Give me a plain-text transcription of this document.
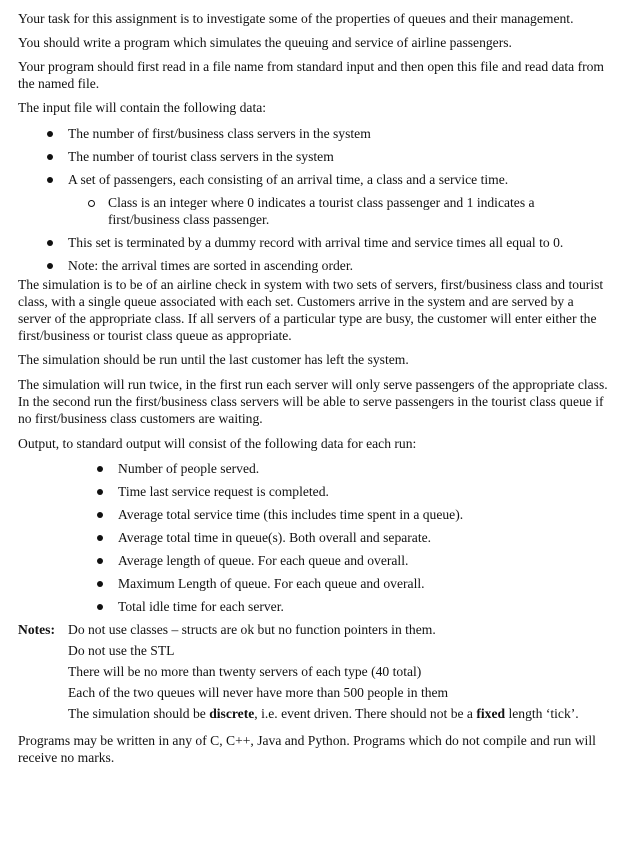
Your task for this assignment is to investigate some of the properties of queues and their management.

You should write a program which simulates the queuing and service of airline passengers.

Your program should first read in a file name from standard input and then open this file and read data from the named file.

The input file will contain the following data:

The number of first/business class servers in the system
The number of tourist class servers in the system
A set of passengers, each consisting of an arrival time, a class and a service time.
Class is an integer where 0 indicates a tourist class passenger and 1 indicates a first/business class passenger.
This set is terminated by a dummy record with arrival time and service times all equal to 0.
Note: the arrival times are sorted in ascending order.

The simulation is to be of an airline check in system with two sets of servers, first/business class and tourist class, with a single queue associated with each set. Customers arrive in the system and are served by a server of the appropriate class. If all servers of a particular type are busy, the customer will enter either the first/business or tourist class queue as appropriate.

The simulation should be run until the last customer has left the system.

The simulation will run twice, in the first run each server will only serve passengers of the appropriate class. In the second run the first/business class servers will be able to serve passengers in the tourist class queue if no first/business class customers are waiting.

Output, to standard output will consist of the following data for each run:

Number of people served.
Time last service request is completed.
Average total service time (this includes time spent in a queue).
Average total time in queue(s). Both overall and separate.
Average length of queue. For each queue and overall.
Maximum Length of queue. For each queue and overall.
Total idle time for each server.
Notes: Do not use classes – structs are ok but no function pointers in them.

Do not use the STL

There will be no more than twenty servers of each type (40 total)

Each of the two queues will never have more than 500 people in them

The simulation should be discrete, i.e. event driven. There should not be a fixed length ‘tick’.

Programs may be written in any of C, C++, Java and Python. Programs which do not compile and run will receive no marks.
